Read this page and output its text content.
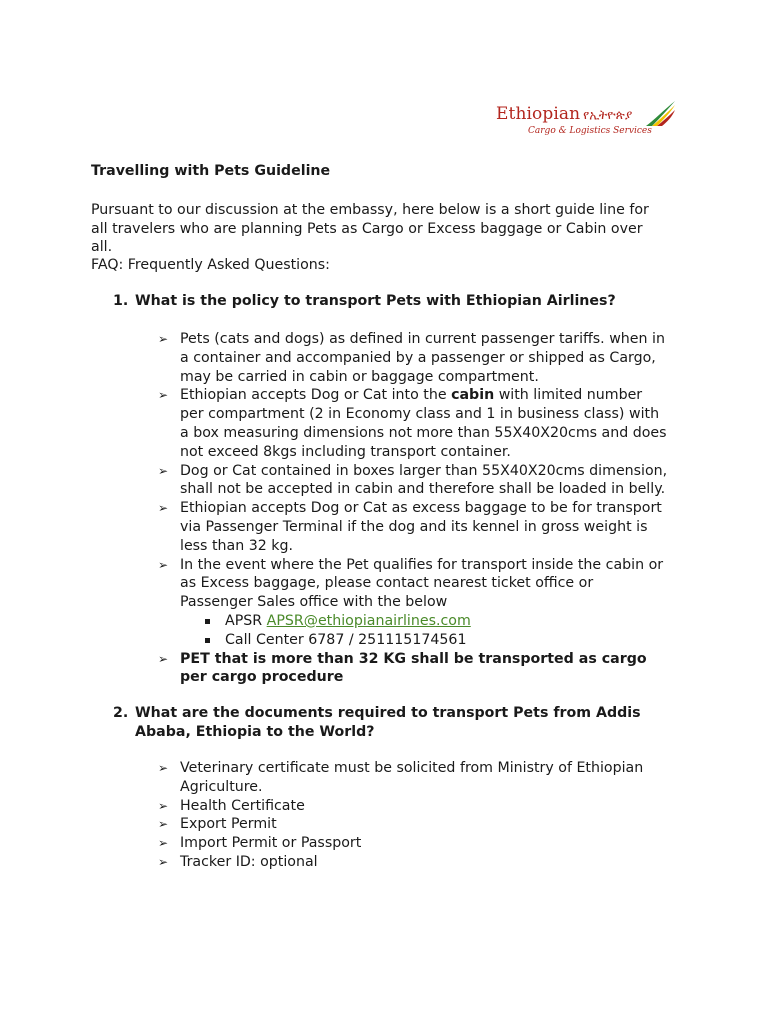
Ethiopian የኢትዮጵያ
Cargo & Logistics Services
Travelling with Pets Guideline
Pursuant to our discussion at the embassy, here below is a short guide line for all travelers who are planning Pets as Cargo or Excess baggage or Cabin over all.
FAQ: Frequently Asked Questions:
1. What is the policy to transport Pets with Ethiopian Airlines?
➢ Pets (cats and dogs) as defined in current passenger tariffs. when in a container and accompanied by a passenger or shipped as Cargo, may be carried in cabin or baggage compartment.
➢ Ethiopian accepts Dog or Cat into the cabin with limited number per compartment (2 in Economy class and 1 in business class) with a box measuring dimensions not more than 55X40X20cms and does not exceed 8kgs including transport container.
➢ Dog or Cat contained in boxes larger than 55X40X20cms dimension, shall not be accepted in cabin and therefore shall be loaded in belly.
➢ Ethiopian accepts Dog or Cat as excess baggage to be for transport via Passenger Terminal if the dog and its kennel in gross weight is less than 32 kg.
➢ In the event where the Pet qualifies for transport inside the cabin or as Excess baggage, please contact nearest ticket office or Passenger Sales office with the below
APSR APSR@ethiopianairlines.com
Call Center 6787 / 251115174561
➢ PET that is more than 32 KG shall be transported as cargo per cargo procedure
2. What are the documents required to transport Pets from Addis Ababa, Ethiopia to the World?
➢ Veterinary certificate must be solicited from Ministry of Ethiopian Agriculture.
➢ Health Certificate
➢ Export Permit
➢ Import Permit or Passport
➢ Tracker ID: optional
